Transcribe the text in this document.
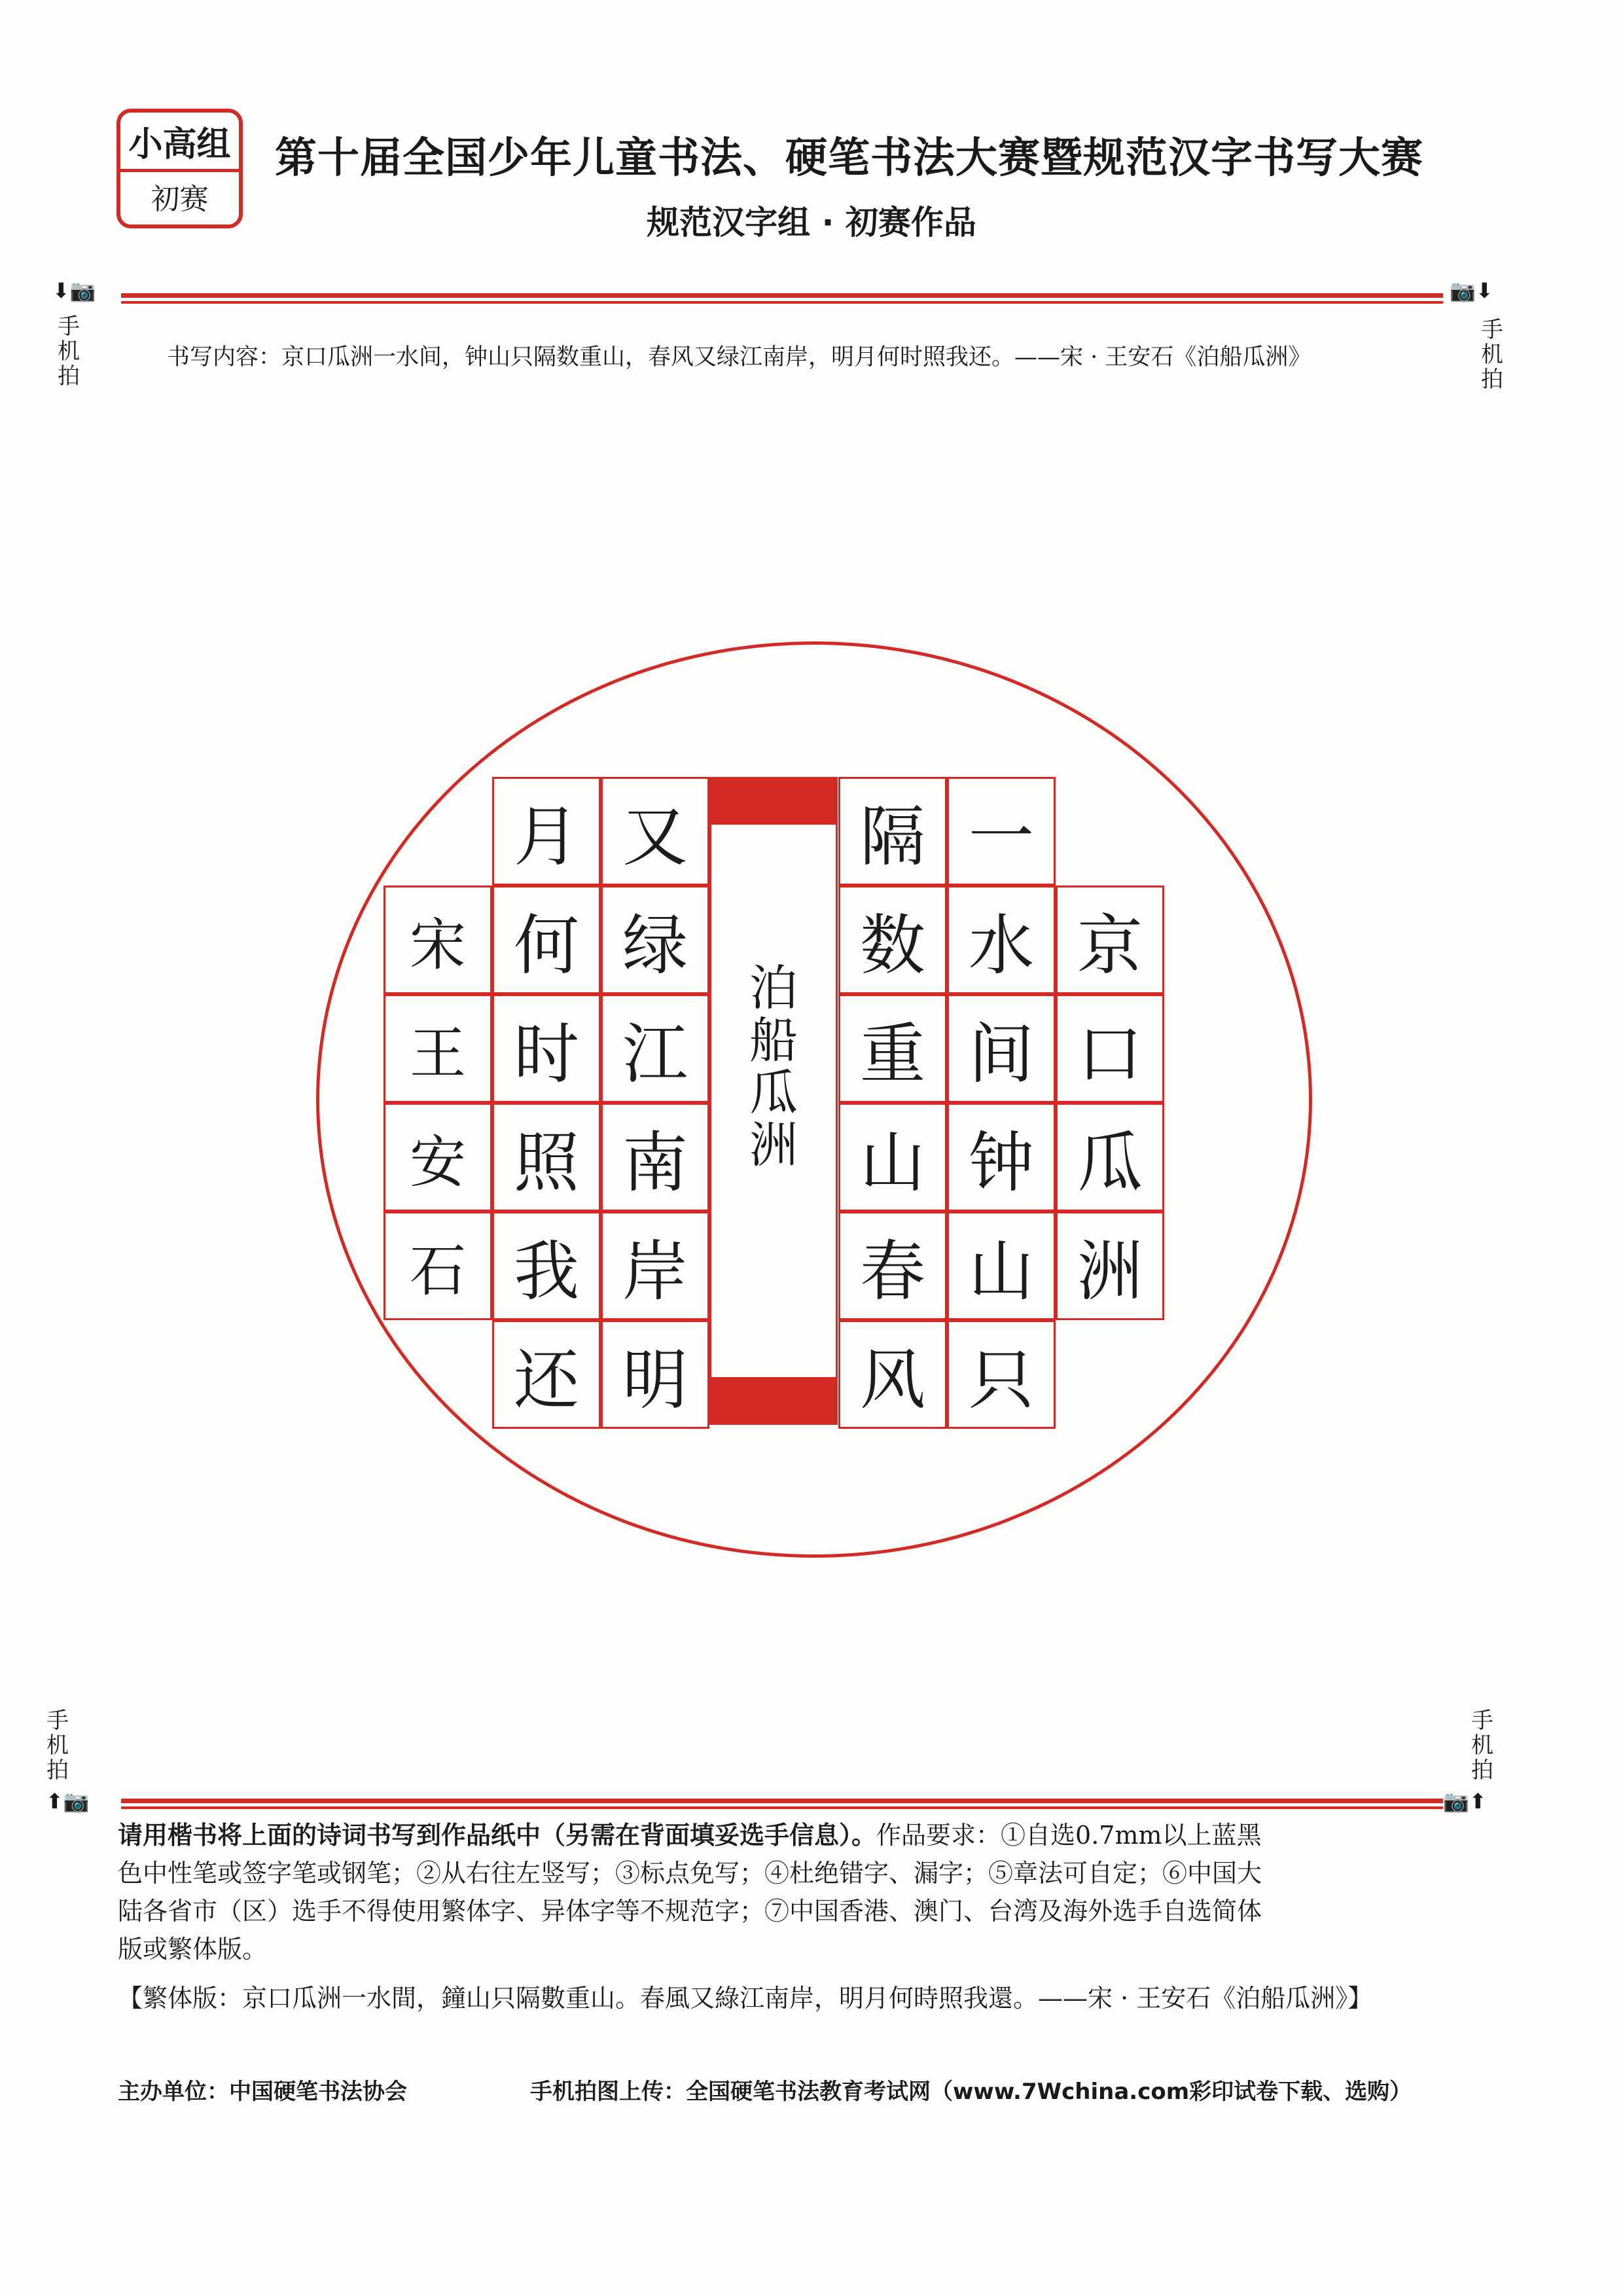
小高组
初赛
第十届全国少年儿童书法、硬笔书法大赛暨规范汉字书写大赛
规范汉字组 · 初赛作品
⬇📷
手
机
拍
📷⬇
手
机
拍
书写内容：京口瓜洲一水间，钟山只隔数重山，春风又绿江南岸，明月何时照我还。——宋 · 王安石《泊船瓜洲》
京
口
瓜
洲
一
水
间
钟
山
只
隔
数
重
山
春
风
泊
船
瓜
洲
又
绿
江
南
岸
明
月
何
时
照
我
还
宋
王
安
石
手
机
拍
⬆📷
手
机
拍
📷⬆
请用楷书将上面的诗词书写到作品纸中（另需在背面填妥选手信息）。作品要求：①自选0.7mm以上蓝黑
色中性笔或签字笔或钢笔；②从右往左竖写；③标点免写；④杜绝错字、漏字；⑤章法可自定；⑥中国大
陆各省市（区）选手不得使用繁体字、异体字等不规范字；⑦中国香港、澳门、台湾及海外选手自选简体
版或繁体版。
【繁体版：京口瓜洲一水間，鐘山只隔數重山。春風又綠江南岸，明月何時照我還。——宋 · 王安石《泊船瓜洲》】
主办单位：中国硬笔书法协会	手机拍图上传：全国硬笔书法教育考试网（www.7Wchina.com彩印试卷下载、选购）
